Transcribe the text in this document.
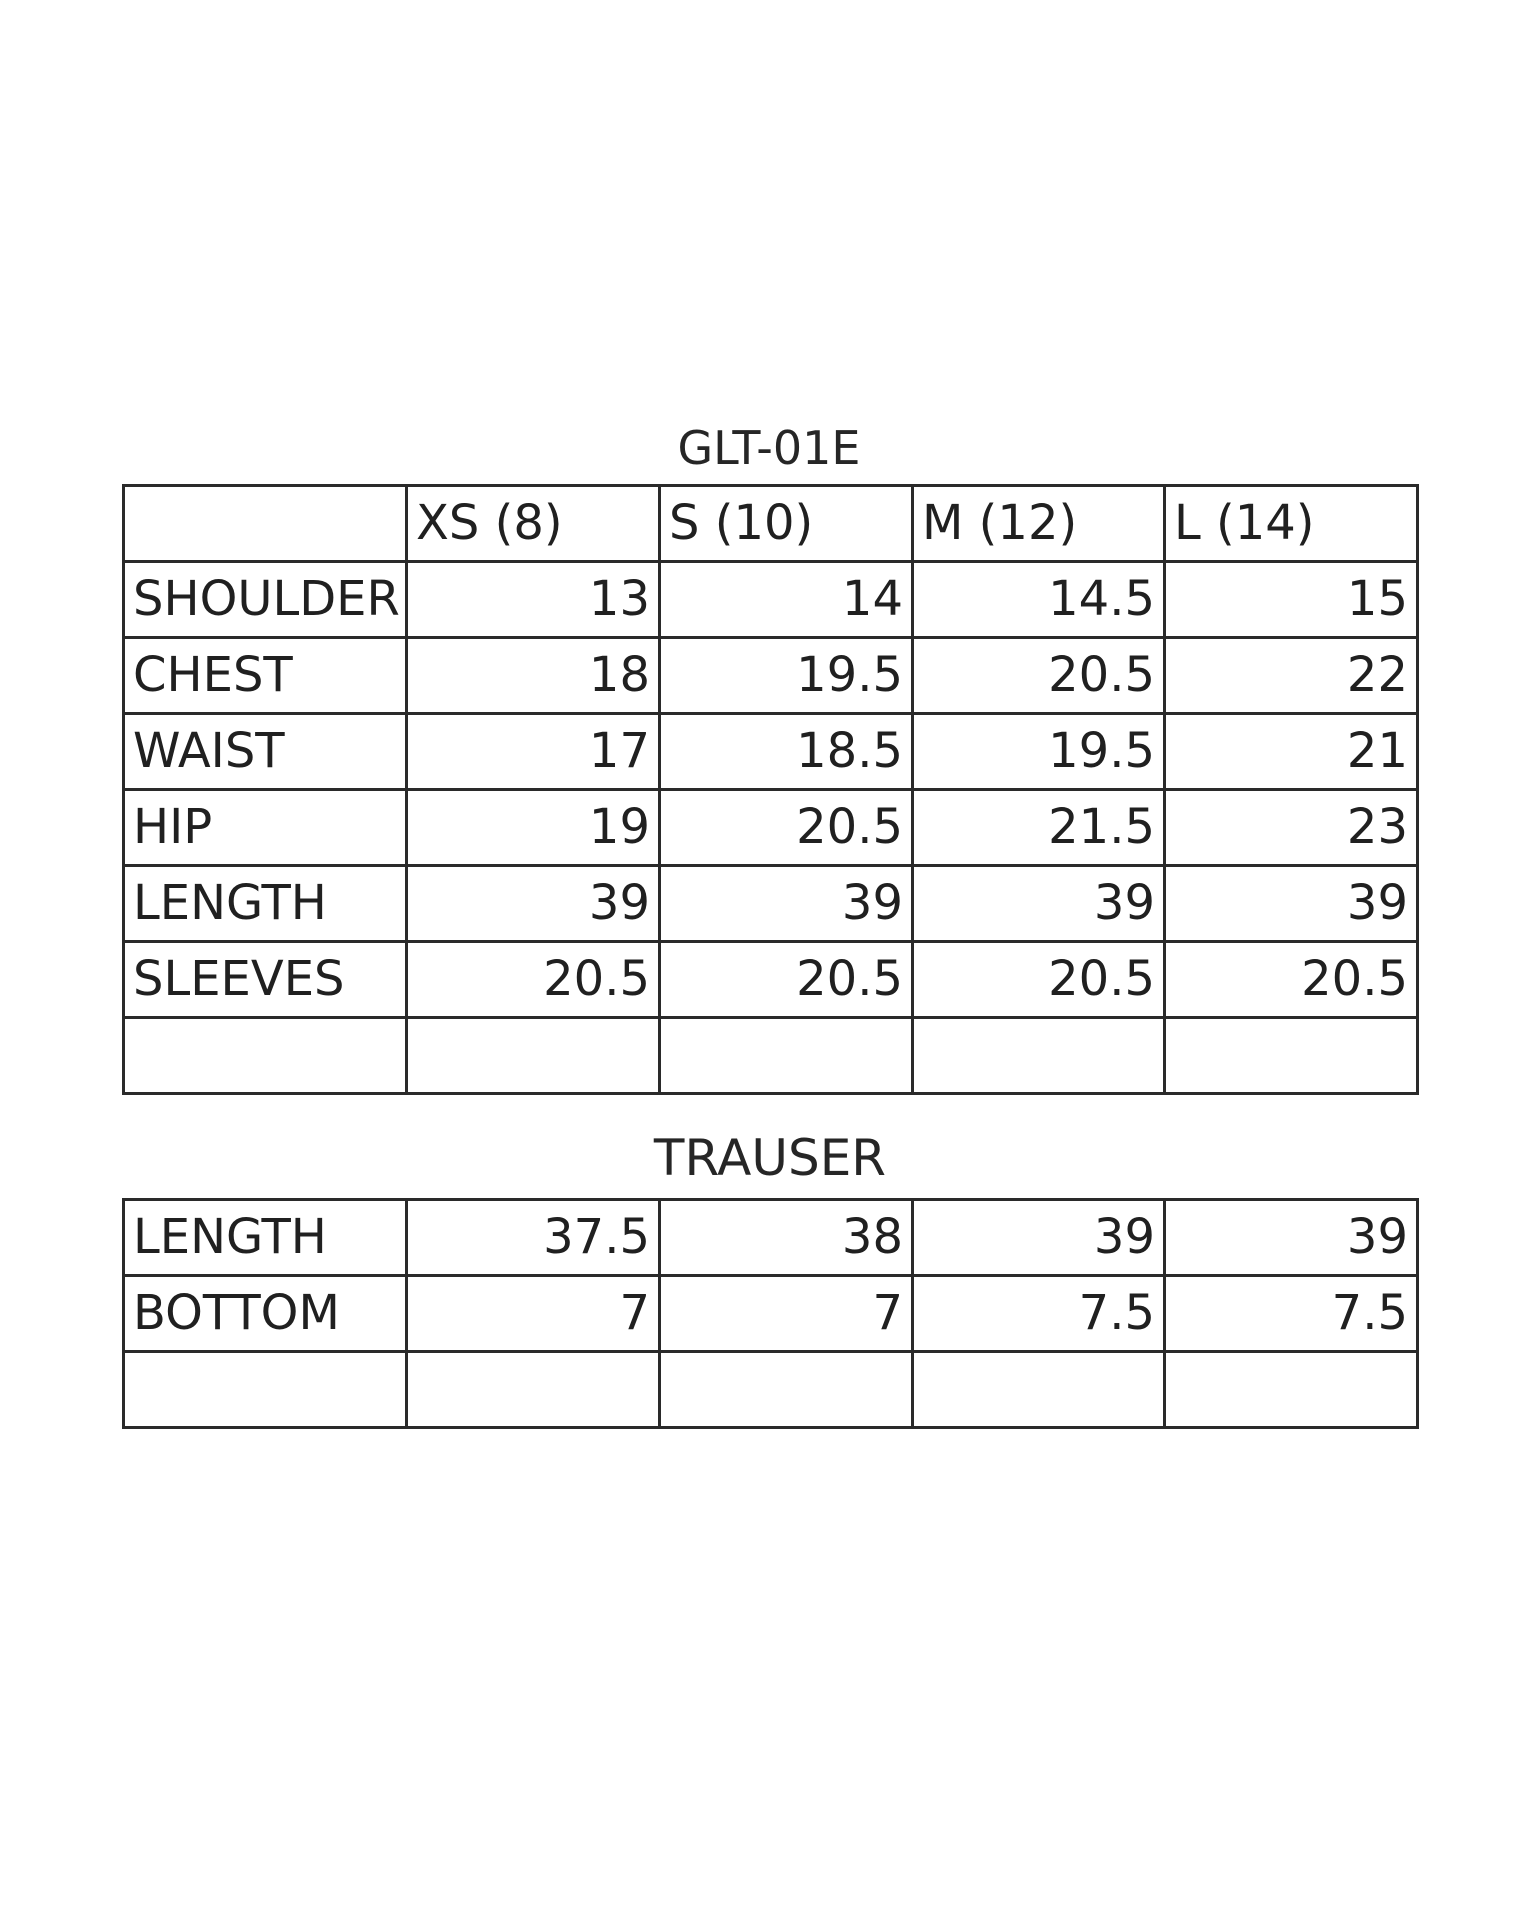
GLT-01E
	XS (8)	S (10)	M (12)	L (14)
SHOULDER	13	14	14.5	15
CHEST	18	19.5	20.5	22
WAIST	17	18.5	19.5	21
HIP	19	20.5	21.5	23
LENGTH	39	39	39	39
SLEEVES	20.5	20.5	20.5	20.5

TRAUSER
LENGTH	37.5	38	39	39
BOTTOM	7	7	7.5	7.5
